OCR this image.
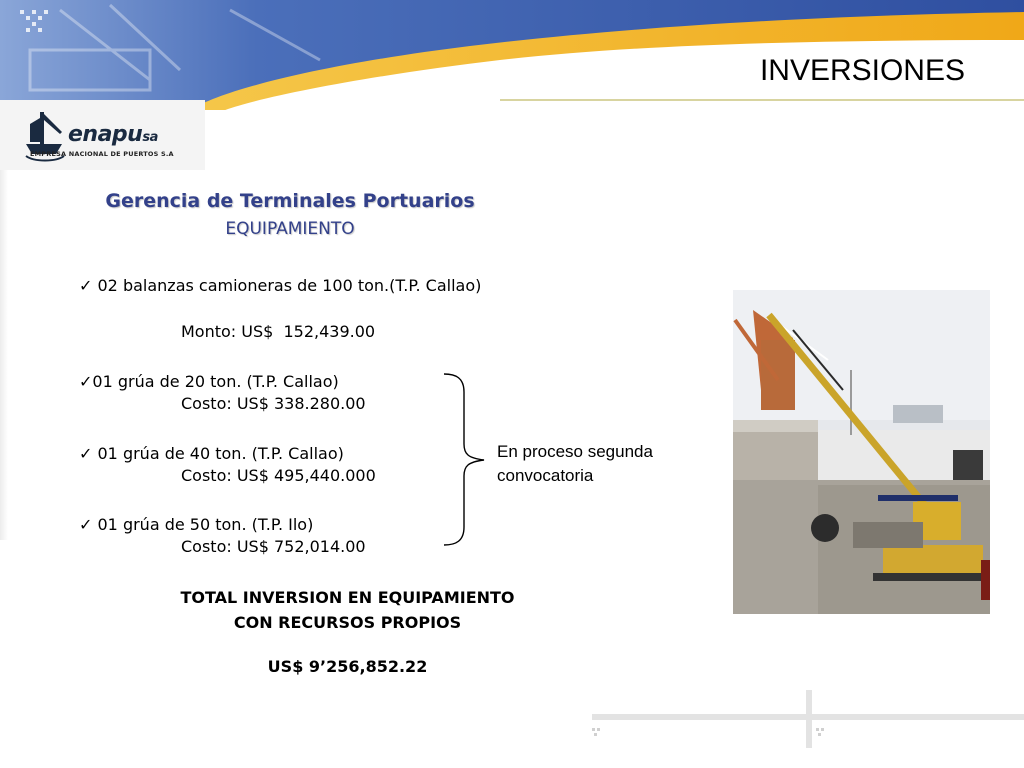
enapusa
EMPRESA NACIONAL DE PUERTOS S.A
INVERSIONES
Gerencia de Terminales Portuarios
EQUIPAMIENTO
✓ 02 balanzas camioneras de 100 ton.(T.P. Callao)
Monto: US$  152,439.00
✓01 grúa de 20 ton. (T.P. Callao)
Costo: US$ 338.280.00
✓ 01 grúa de 40 ton. (T.P. Callao)
Costo: US$ 495,440.000
✓ 01 grúa de 50 ton. (T.P. Ilo)
Costo: US$ 752,014.00
En proceso segunda convocatoria
TOTAL INVERSION EN EQUIPAMIENTO
CON RECURSOS PROPIOS
US$ 9’256,852.22
